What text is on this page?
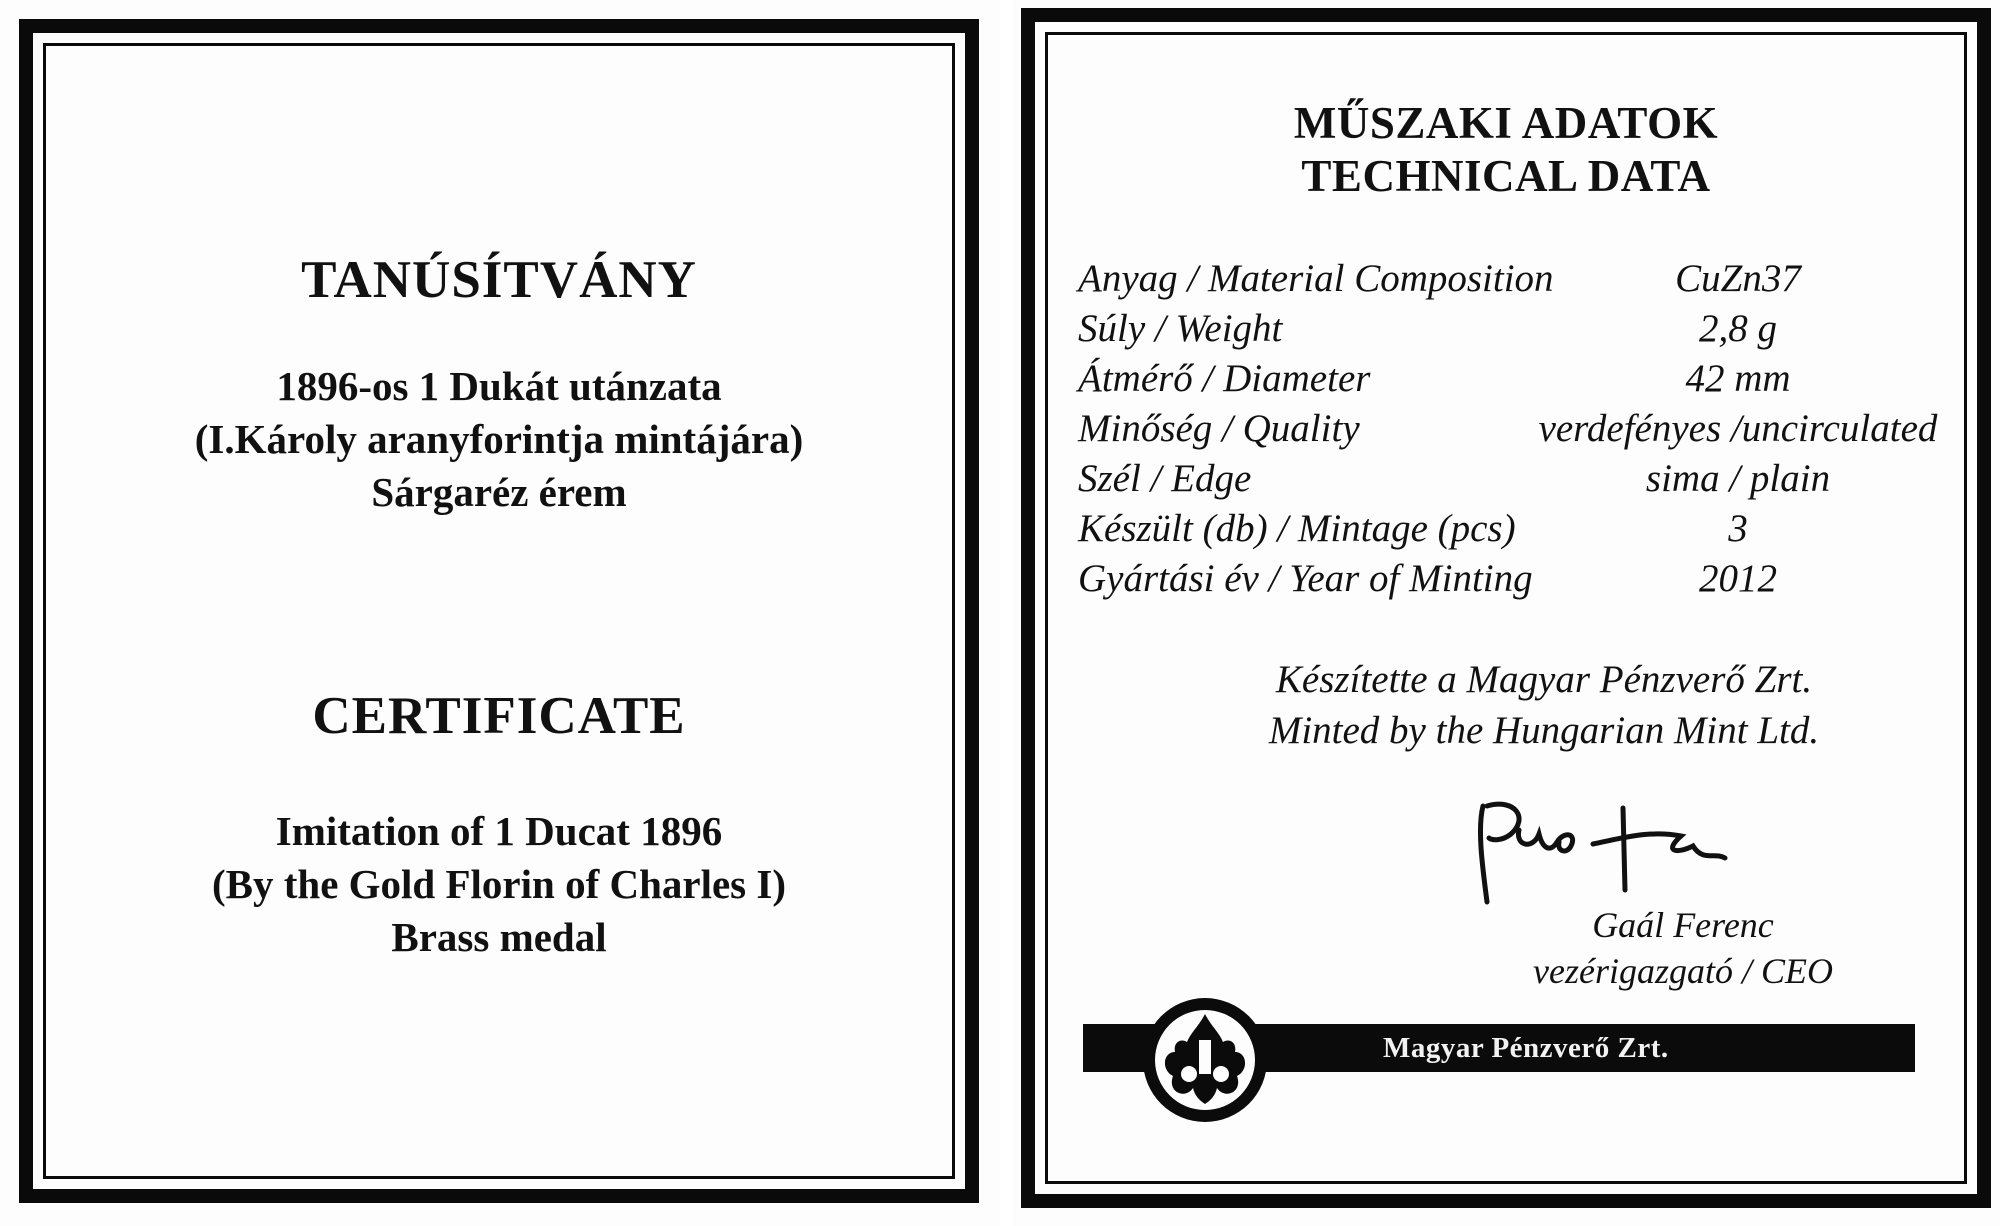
TANÚSÍTVÁNY
1896-os 1 Dukát utánzata
(I.Károly aranyforintja mintájára)
Sárgaréz érem
CERTIFICATE
Imitation of 1 Ducat 1896
(By the Gold Florin of Charles I)
Brass medal
MŰSZAKI ADATOK
TECHNICAL DATA
Anyag / Material Composition	CuZn37
Súly / Weight	2,8 g
Átmérő / Diameter	42 mm
Minőség / Quality	verdefényes /uncirculated
Szél / Edge	sima / plain
Készült (db) / Mintage (pcs)	3
Gyártási év / Year of Minting	2012
Készítette a Magyar Pénzverő Zrt.
Minted by the Hungarian Mint Ltd.
Gaál Ferenc
vezérigazgató / CEO
Magyar Pénzverő Zrt.
